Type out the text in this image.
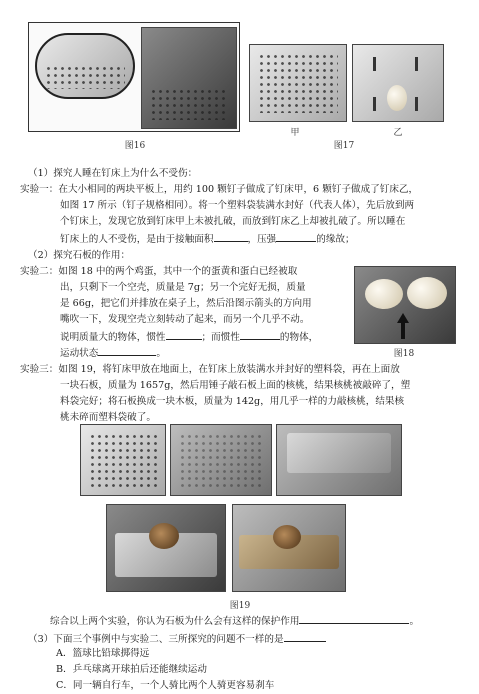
图16
甲	乙
图17
（1）探究人睡在钉床上为什么不受伤：
实验一：在大小相同的两块平板上，用约 100 颗钉子做成了钉床甲，6 颗钉子做成了钉床乙，
如图 17 所示（钉子规格相同）。将一个塑料袋装满水封好（代表人体），先后放到两
个钉床上，发现它放到钉床甲上未被扎破，而放到钉床乙上却被扎破了。所以睡在
钉床上的人不受伤，是由于接触面积	，压强	的缘故；
（2）探究石板的作用：
实验二：如图 18 中的两个鸡蛋，其中一个的蛋黄和蛋白已经被取
出，只剩下一个空壳，质量是 7g；另一个完好无损，质量
是 66g，把它们并排放在桌子上，然后沿图示箭头的方向用
嘴吹一下，发现空壳立刻转动了起来，而另一个几乎不动。
说明质量大的物体，惯性	；而惯性	的物体，
运动状态	。
实验三：如图 19，将钉床甲放在地面上，在钉床上放装满水并封好的塑料袋，再在上面放
一块石板，质量为 1657g，然后用锤子敲石板上面的核桃，结果核桃被敲碎了，塑
料袋完好；将石板换成一块木板，质量为 142g，用几乎一样的力敲核桃，结果核
桃未碎而塑料袋破了。
图18
图19
综合以上两个实验，你认为石板为什么会有这样的保护作用	。
（3）下面三个事例中与实验二、三所探究的问题不一样的是
A．篮球比铅球掷得远
B．乒乓球离开球拍后还能继续运动
C．同一辆自行车，一个人骑比两个人骑更容易刹车
